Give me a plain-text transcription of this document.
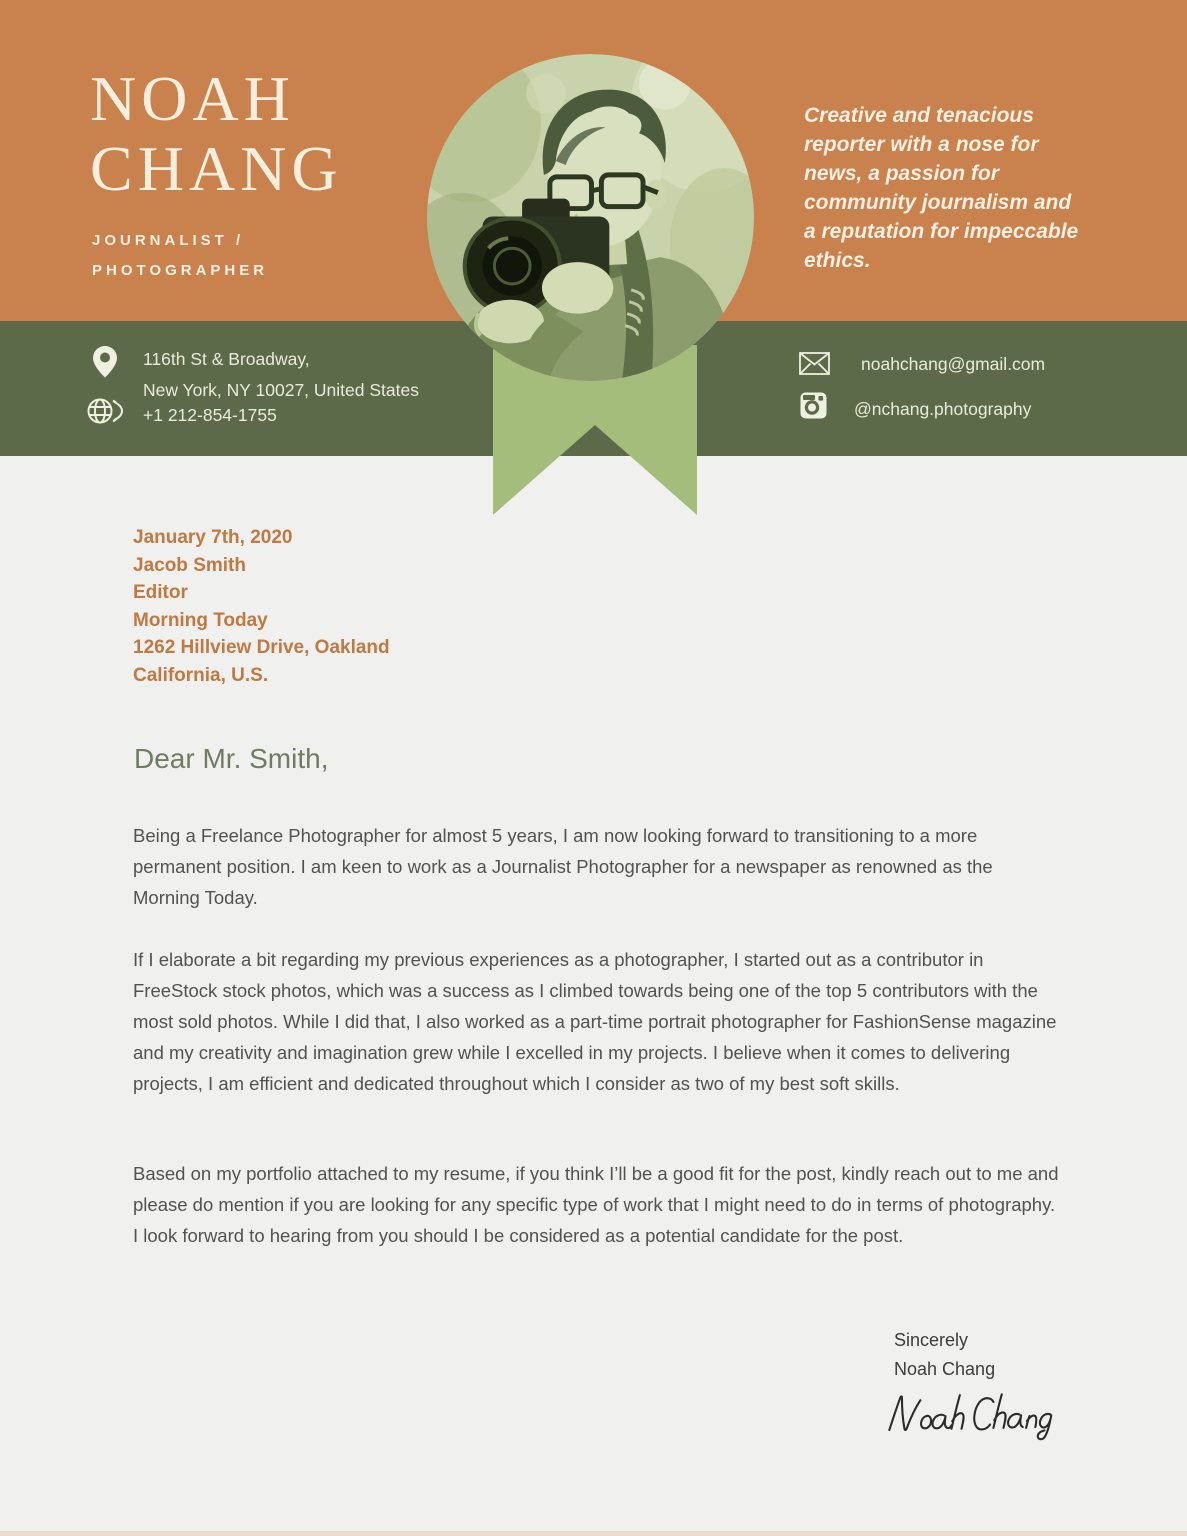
NOAH
CHANG
JOURNALIST /
PHOTOGRAPHER
Creative and tenacious reporter with a nose for news, a passion for community journalism and a reputation for impeccable ethics.
116th St & Broadway,
New York, NY 10027, United States
+1 212-854-1755
noahchang@gmail.com
@nchang.photography
January 7th, 2020
Jacob Smith
Editor
Morning Today
1262 Hillview Drive, Oakland
California, U.S.
Dear Mr. Smith,

Being a Freelance Photographer for almost 5 years, I am now looking forward to transitioning to a more permanent position. I am keen to work as a Journalist Photographer for a newspaper as renowned as the Morning Today.

If I elaborate a bit regarding my previous experiences as a photographer, I started out as a contributor in FreeStock stock photos, which was a success as I climbed towards being one of the top 5 contributors with the most sold photos. While I did that, I also worked as a part-time portrait photographer for FashionSense magazine and my creativity and imagination grew while I excelled in my projects. I believe when it comes to delivering projects, I am efficient and dedicated throughout which I consider as two of my best soft skills.

Based on my portfolio attached to my resume, if you think I’ll be a good fit for the post, kindly reach out to me and please do mention if you are looking for any specific type of work that I might need to do in terms of photography. I look forward to hearing from you should I be considered as a potential candidate for the post.

Sincerely
Noah Chang
